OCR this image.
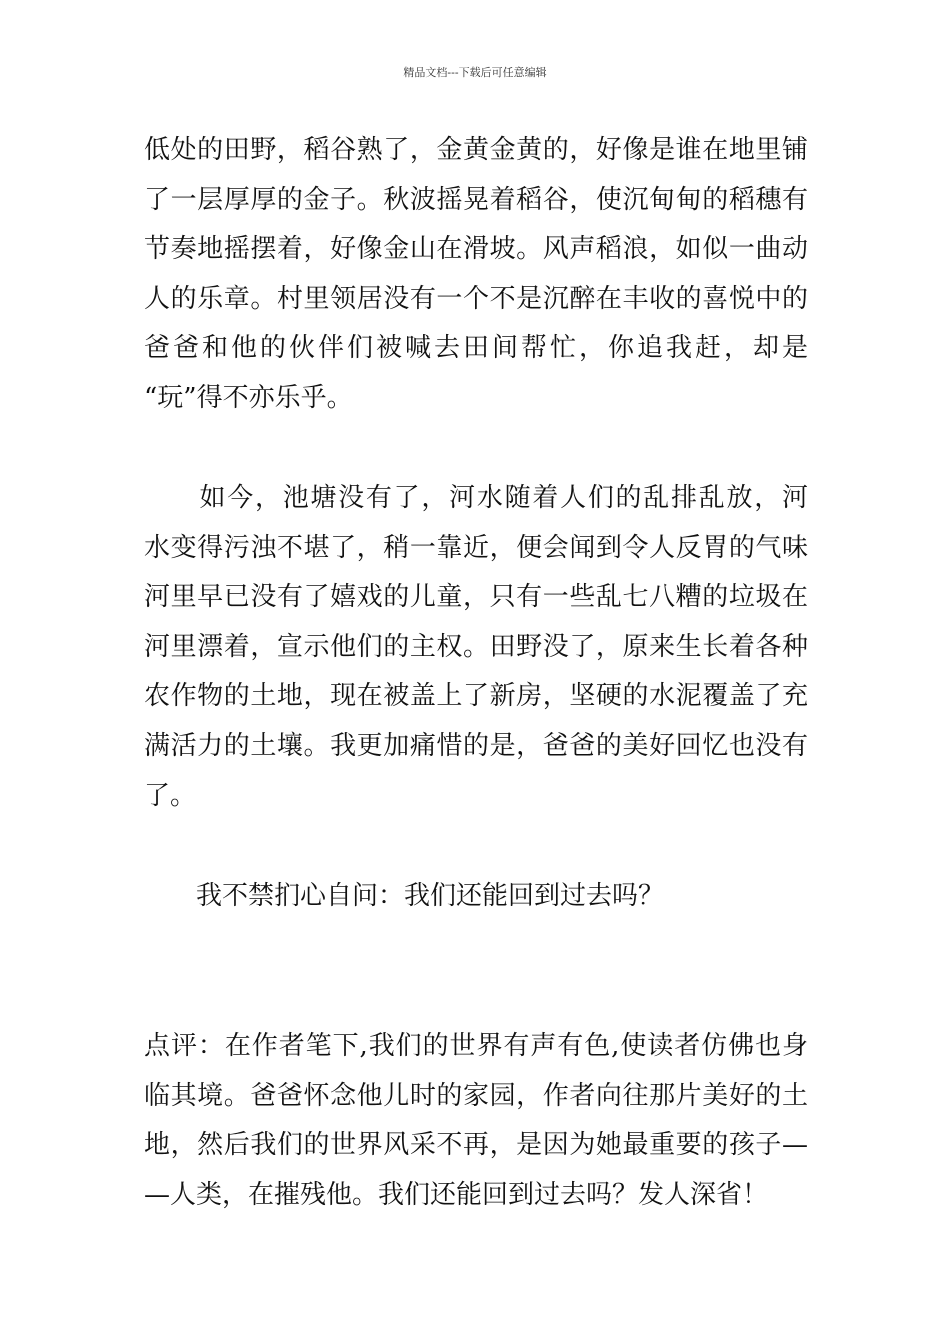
精品文档---下载后可任意编辑
低处的田野，稻谷熟了，金黄金黄的，好像是谁在地里铺
了一层厚厚的金子。秋波摇晃着稻谷，使沉甸甸的稻穗有
节奏地摇摆着，好像金山在滑坡。风声稻浪，如似一曲动
人的乐章。村里领居没有一个不是沉醉在丰收的喜悦中的
爸爸和他的伙伴们被喊去田间帮忙，你追我赶，却是
“玩”得不亦乐乎。
　　如今，池塘没有了，河水随着人们的乱排乱放，河
水变得污浊不堪了，稍一靠近，便会闻到令人反胃的气味
河里早已没有了嬉戏的儿童，只有一些乱七八糟的垃圾在
河里漂着，宣示他们的主权。田野没了，原来生长着各种
农作物的土地，现在被盖上了新房，坚硬的水泥覆盖了充
满活力的土壤。我更加痛惜的是，爸爸的美好回忆也没有
了。
　　我不禁扪心自问：我们还能回到过去吗？
点评：在作者笔下,我们的世界有声有色,使读者仿佛也身
临其境。爸爸怀念他儿时的家园，作者向往那片美好的土
地，然后我们的世界风采不再，是因为她最重要的孩子—
—人类，在摧残他。我们还能回到过去吗？发人深省！
